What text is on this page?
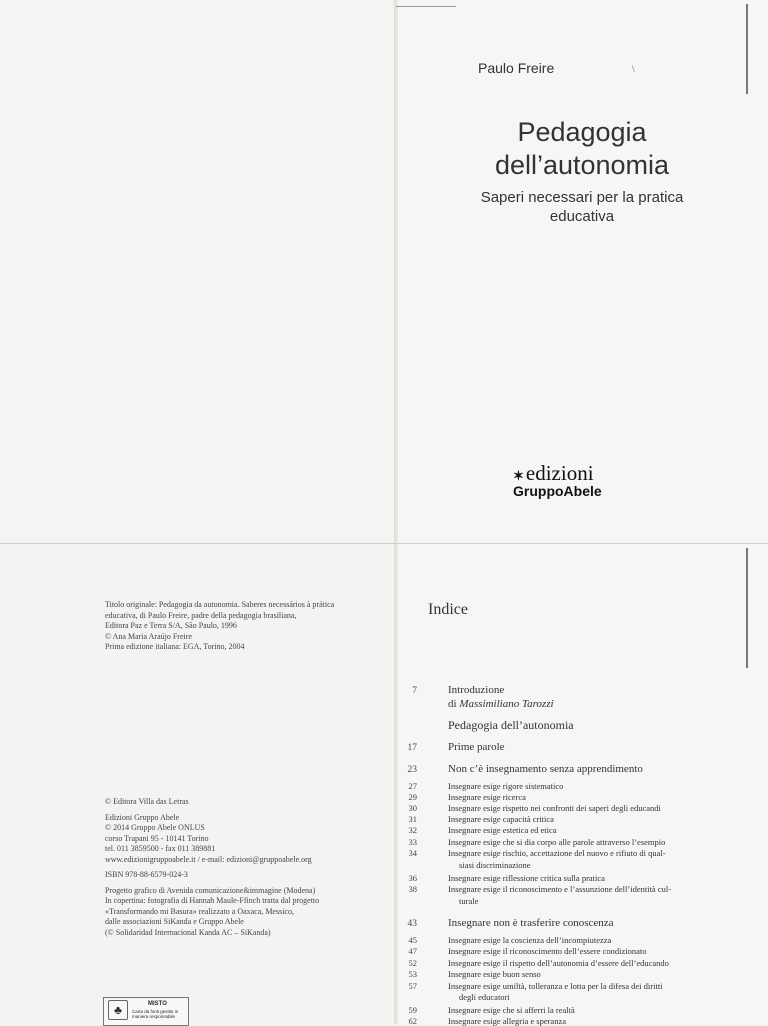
Paulo Freire	\
Pedagogia
dell’autonomia
Saperi necessari per la pratica
educativa
✶edizioni
GruppoAbele
Titolo originale: Pedagogia da autonomia. Saberes necessários à prática
educativa, di Paulo Freire, padre della pedagogia brasiliana,
Editora Paz e Terra S/A, São Paulo, 1996
© Ana Maria Araújo Freire
Prima edizione italiana: EGA, Torino, 2004
© Editora Villa das Letras

Edizioni Gruppo Abele
© 2014 Gruppo Abele ONLUS
corso Trapani 95 - 10141 Torino
tel. 011 3859500 - fax 011 389881
www.edizionigruppoabele.it / e-mail: edizioni@gruppoabele.org

ISBN 978-88-6579-024-3

Progetto grafico di Avenida comunicazione&immagine (Modena)
In copertina: fotografia di Hannah Maule-Ffinch tratta dal progetto
«Transformando mi Basura» realizzato a Oaxaca, Messico,
dalle associazioni SiKanda e Gruppo Abele
(© Solidaridad Internacional Kanda AC – SiKanda)
♣	MISTO
Carta da fonti gestite in maniera responsabile
Indice
7	Introduzione
di Massimiliano Tarozzi
Pedagogia dell’autonomia
17	Prime parole
23	Non c’è insegnamento senza apprendimento
27	Insegnare esige rigore sistematico
29	Insegnare esige ricerca
30	Insegnare esige rispetto nei confronti dei saperi degli educandi
31	Insegnare esige capacità critica
32	Insegnare esige estetica ed etica
33	Insegnare esige che si dia corpo alle parole attraverso l’esempio
34	Insegnare esige rischio, accettazione del nuovo e rifiuto di qual-
siasi discriminazione
36	Insegnare esige riflessione critica sulla pratica
38	Insegnare esige il riconoscimento e l’assunzione dell’identità cul-
turale
43	Insegnare non è trasferire conoscenza
45	Insegnare esige la coscienza dell’incompiutezza
47	Insegnare esige il riconoscimento dell’essere condizionato
52	Insegnare esige il rispetto dell’autonomia d’essere dell’educando
53	Insegnare esige buon senso
57	Insegnare esige umiltà, tolleranza e lotta per la difesa dei diritti
degli educatori
59	Insegnare esige che si afferri la realtà
62	Insegnare esige allegria e speranza
